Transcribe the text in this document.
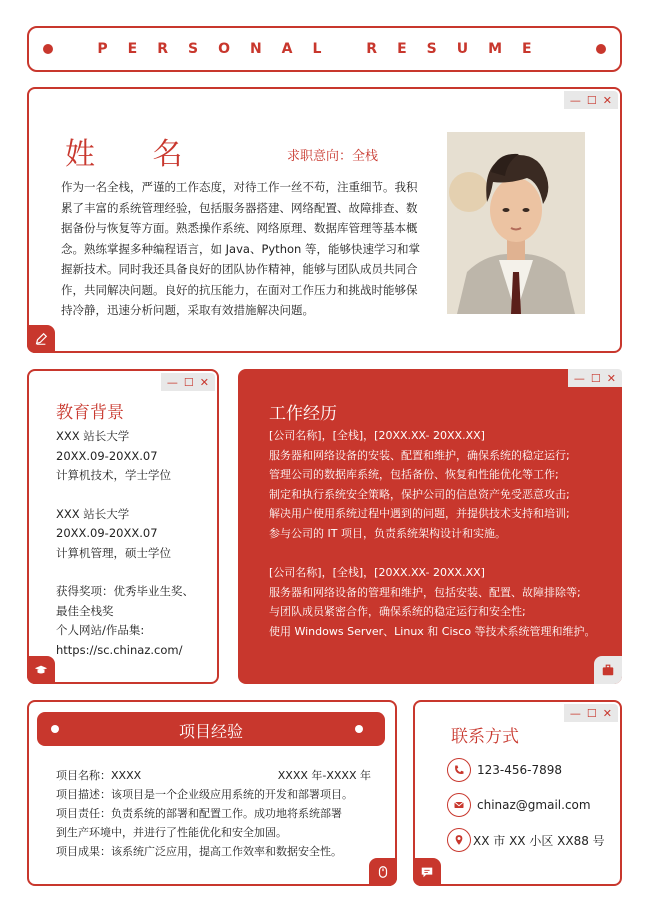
PERSONAL RESUME
— ☐ ✕
姓 名	求职意向：全栈
作为一名全栈，严谨的工作态度，对待工作一丝不苟，注重细节。我积累了丰富的系统管理经验，包括服务器搭建、网络配置、故障排查、数据备份与恢复等方面。熟悉操作系统、网络原理、数据库管理等基本概念。熟练掌握多种编程语言，如 Java、Python 等，能够快速学习和掌握新技术。同时我还具备良好的团队协作精神，能够与团队成员共同合作，共同解决问题。良好的抗压能力，在面对工作压力和挑战时能够保持冷静，迅速分析问题，采取有效措施解决问题。
— ☐ ✕
教育背景
XXX 站长大学
20XX.09-20XX.07
计算机技术，学士学位
XXX 站长大学
20XX.09-20XX.07
计算机管理，硕士学位
获得奖项：优秀毕业生奖、
最佳全栈奖
个人网站/作品集:
https://sc.chinaz.com/
— ☐ ✕
工作经历
[公司名称]，[全栈]，[20XX.XX- 20XX.XX]
服务器和网络设备的安装、配置和维护，确保系统的稳定运行;
管理公司的数据库系统，包括备份、恢复和性能优化等工作;
制定和执行系统安全策略，保护公司的信息资产免受恶意攻击;
解决用户使用系统过程中遇到的问题，并提供技术支持和培训;
参与公司的 IT 项目，负责系统架构设计和实施。
[公司名称]，[全栈]，[20XX.XX- 20XX.XX]
服务器和网络设备的管理和维护，包括安装、配置、故障排除等;
与团队成员紧密合作，确保系统的稳定运行和安全性;
使用 Windows Server、Linux 和 Cisco 等技术系统管理和维护。
项目经验
项目名称：XXXX	XXXX 年-XXXX 年
项目描述：该项目是一个企业级应用系统的开发和部署项目。
项目责任：负责系统的部署和配置工作。成功地将系统部署
到生产环境中，并进行了性能优化和安全加固。
项目成果：该系统广泛应用，提高工作效率和数据安全性。
— ☐ ✕
联系方式
123-456-7898
chinaz@gmail.com
XX 市 XX 小区 XX88 号
